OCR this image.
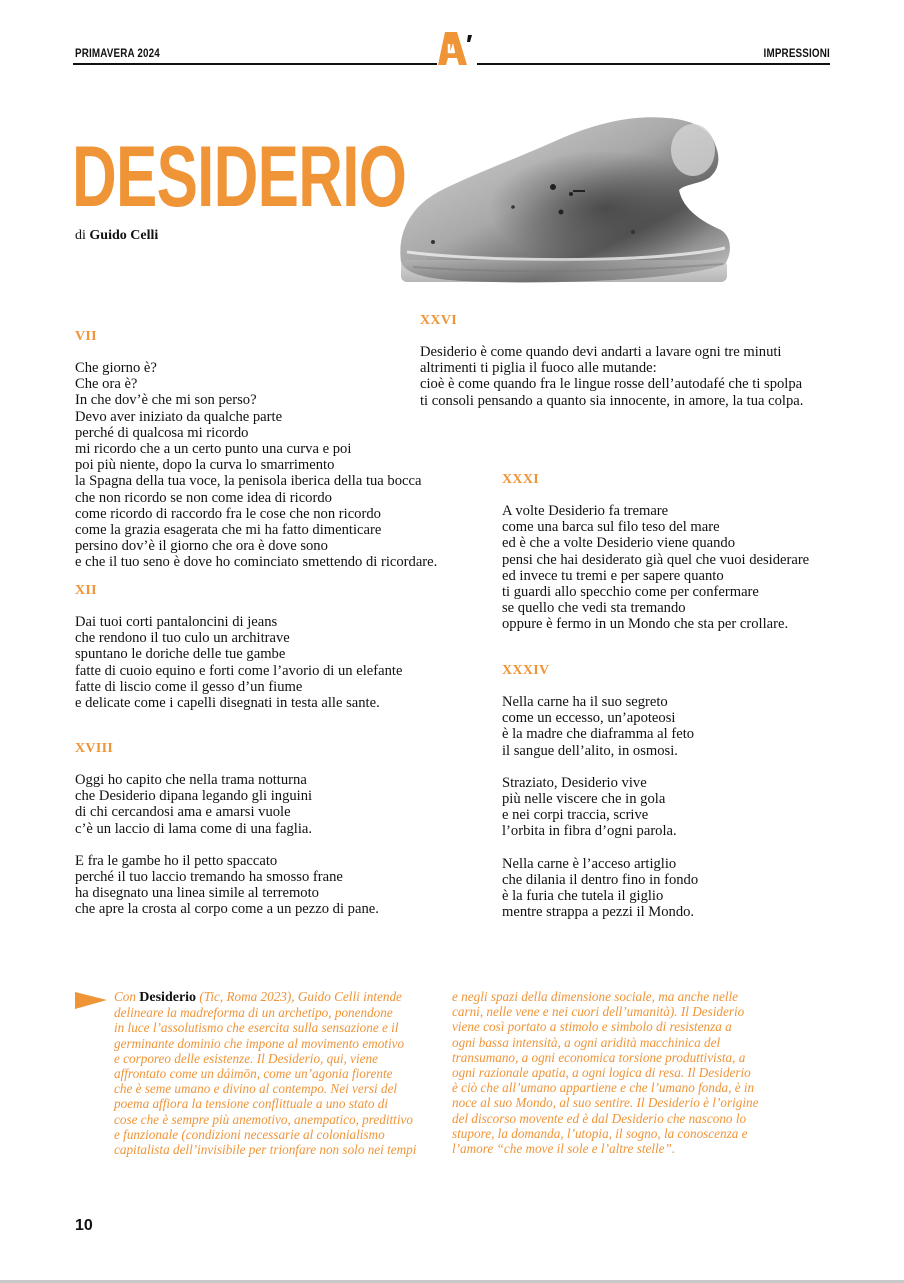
PRIMAVERA 2024	IMPRESSIONI
DESIDERIO
di Guido Celli
VII
Che giorno è?
Che ora è?
In che dov’è che mi son perso?
Devo aver iniziato da qualche parte
perché di qualcosa mi ricordo
mi ricordo che a un certo punto una curva e poi
poi più niente, dopo la curva lo smarrimento
la Spagna della tua voce, la penisola iberica della tua bocca
che non ricordo se non come idea di ricordo
come ricordo di raccordo fra le cose che non ricordo
come la grazia esagerata che mi ha fatto dimenticare
persino dov’è il giorno che ora è dove sono
e che il tuo seno è dove ho cominciato smettendo di ricordare.
XII
Dai tuoi corti pantaloncini di jeans
che rendono il tuo culo un architrave
spuntano le doriche delle tue gambe
fatte di cuoio equino e forti come l’avorio di un elefante
fatte di liscio come il gesso d’un fiume
e delicate come i capelli disegnati in testa alle sante.
XVIII
Oggi ho capito che nella trama notturna
che Desiderio dipana legando gli inguini
di chi cercandosi ama e amarsi vuole
c’è un laccio di lama come di una faglia.
E fra le gambe ho il petto spaccato
perché il tuo laccio tremando ha smosso frane
ha disegnato una linea simile al terremoto
che apre la crosta al corpo come a un pezzo di pane.
XXVI
Desiderio è come quando devi andarti a lavare ogni tre minuti
altrimenti ti piglia il fuoco alle mutande:
cioè è come quando fra le lingue rosse dell’autodafé che ti spolpa
ti consoli pensando a quanto sia innocente, in amore, la tua colpa.
XXXI
A volte Desiderio fa tremare
come una barca sul filo teso del mare
ed è che a volte Desiderio viene quando
pensi che hai desiderato già quel che vuoi desiderare
ed invece tu tremi e per sapere quanto
ti guardi allo specchio come per confermare
se quello che vedi sta tremando
oppure è fermo in un Mondo che sta per crollare.
XXXIV
Nella carne ha il suo segreto
come un eccesso, un’apoteosi
è la madre che diaframma al feto
il sangue dell’alito, in osmosi.
Straziato, Desiderio vive
più nelle viscere che in gola
e nei corpi traccia, scrive
l’orbita in fibra d’ogni parola.
Nella carne è l’acceso artiglio
che dilania il dentro fino in fondo
è la furia che tutela il giglio
mentre strappa a pezzi il Mondo.
Con Desiderio (Tic, Roma 2023), Guido Celli intende
delineare la madreforma di un archetipo, ponendone
in luce l’assolutismo che esercita sulla sensazione e il
germinante dominio che impone al movimento emotivo
e corporeo delle esistenze. Il Desiderio, qui, viene
affrontato come un dáimōn, come un’agonia fiorente
che è seme umano e divino al contempo. Nei versi del
poema affiora la tensione conflittuale a uno stato di
cose che è sempre più anemotivo, anempatico, predittivo
e funzionale (condizioni necessarie al colonialismo
capitalista dell’invisibile per trionfare non solo nei tempi
e negli spazi della dimensione sociale, ma anche nelle
carni, nelle vene e nei cuori dell’umanità). Il Desiderio
viene così portato a stimolo e simbolo di resistenza a
ogni bassa intensità, a ogni aridità macchinica del
transumano, a ogni economica torsione produttivista, a
ogni razionale apatia, a ogni logica di resa. Il Desiderio
è ciò che all’umano appartiene e che l’umano fonda, è in
noce al suo Mondo, al suo sentire. Il Desiderio è l’origine
del discorso movente ed è dal Desiderio che nascono lo
stupore, la domanda, l’utopia, il sogno, la conoscenza e
l’amore “che move il sole e l’altre stelle”.
10
